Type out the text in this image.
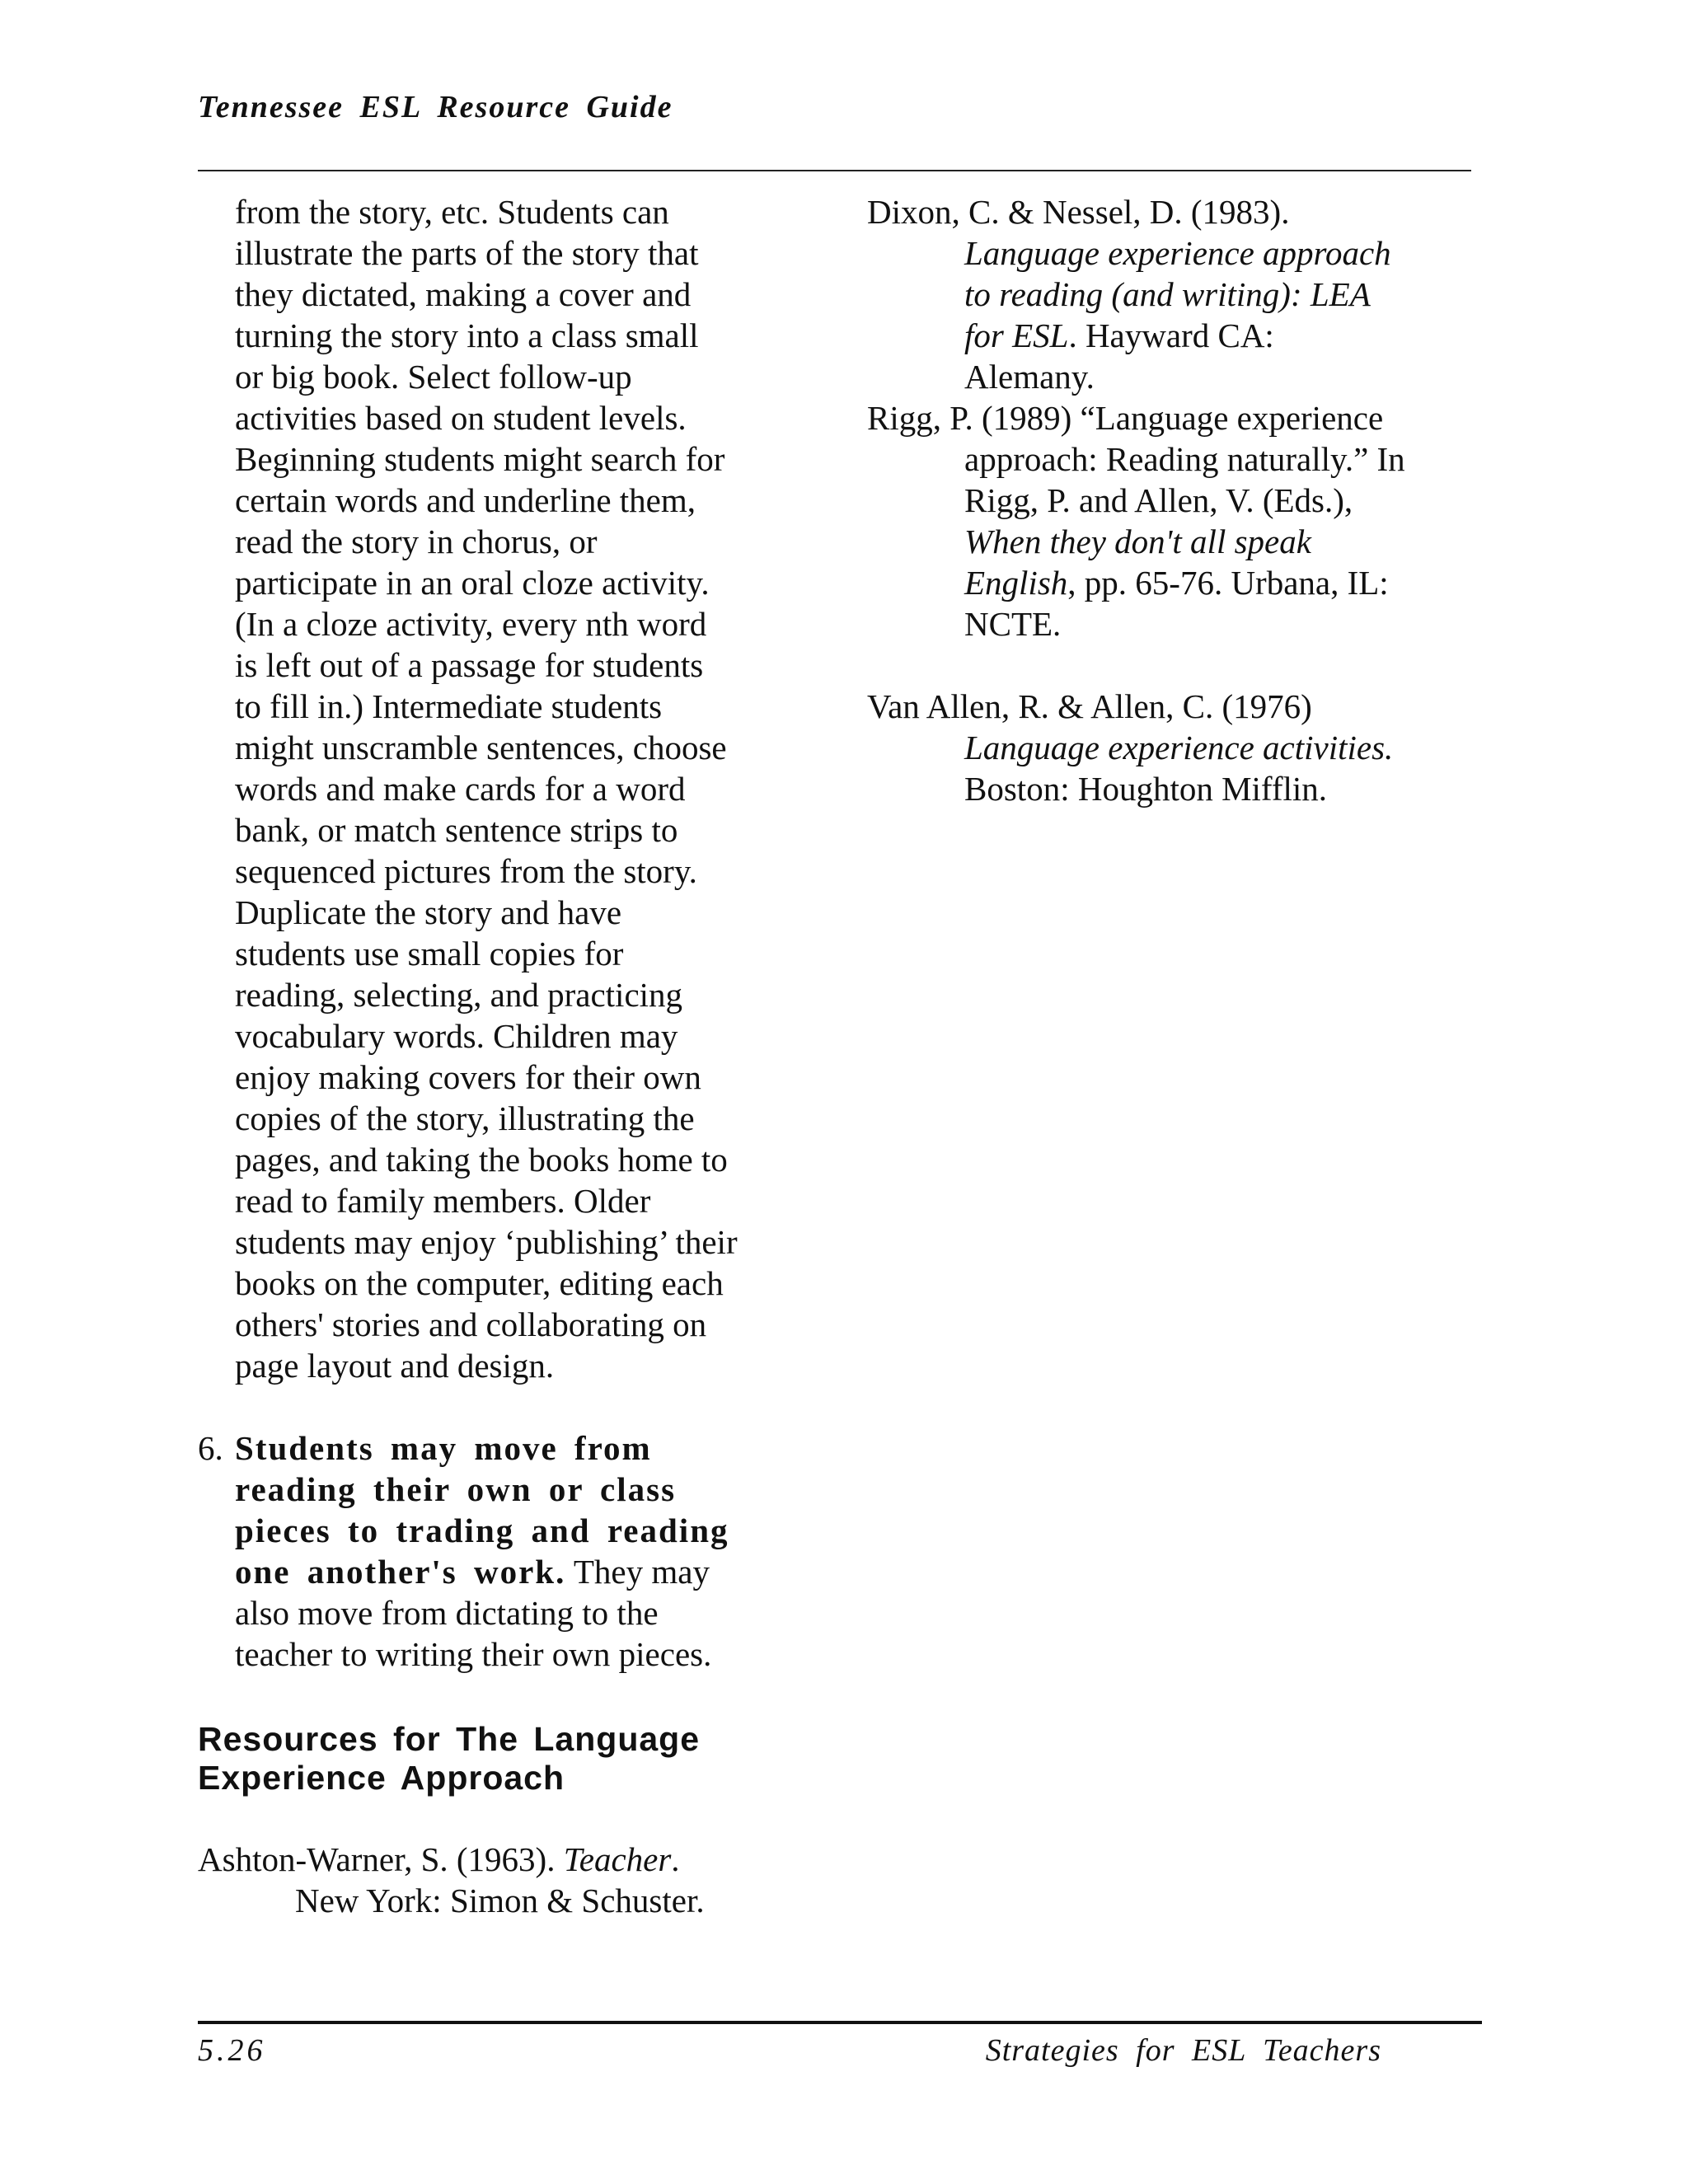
Tennessee ESL Resource Guide

from the story, etc. Students can
illustrate the parts of the story that
they dictated, making a cover and
turning the story into a class small
or big book. Select follow-up
activities based on student levels.
Beginning students might search for
certain words and underline them,
read the story in chorus, or
participate in an oral cloze activity.
(In a cloze activity, every nth word
is left out of a passage for students
to fill in.) Intermediate students
might unscramble sentences, choose
words and make cards for a word
bank, or match sentence strips to
sequenced pictures from the story.
Duplicate the story and have
students use small copies for
reading, selecting, and practicing
vocabulary words. Children may
enjoy making covers for their own
copies of the story, illustrating the
pages, and taking the books home to
read to family members. Older
students may enjoy ‘publishing’ their
books on the computer, editing each
others' stories and collaborating on
page layout and design.

6. Students may move from
reading their own or class
pieces to trading and reading
one another's work. They may
also move from dictating to the
teacher to writing their own pieces.
Resources for The Language
Experience Approach
Ashton-Warner, S. (1963). Teacher.
New York: Simon & Schuster.
Dixon, C. & Nessel, D. (1983).
Language experience approach
to reading (and writing): LEA
for ESL. Hayward CA:
Alemany.
Rigg, P. (1989) “Language experience
approach: Reading naturally.” In
Rigg, P. and Allen, V. (Eds.),
When they don't all speak
English, pp. 65-76. Urbana, IL:
NCTE.
Van Allen, R. & Allen, C. (1976)
Language experience activities.
Boston: Houghton Mifflin.
5.26	Strategies for ESL Teachers
